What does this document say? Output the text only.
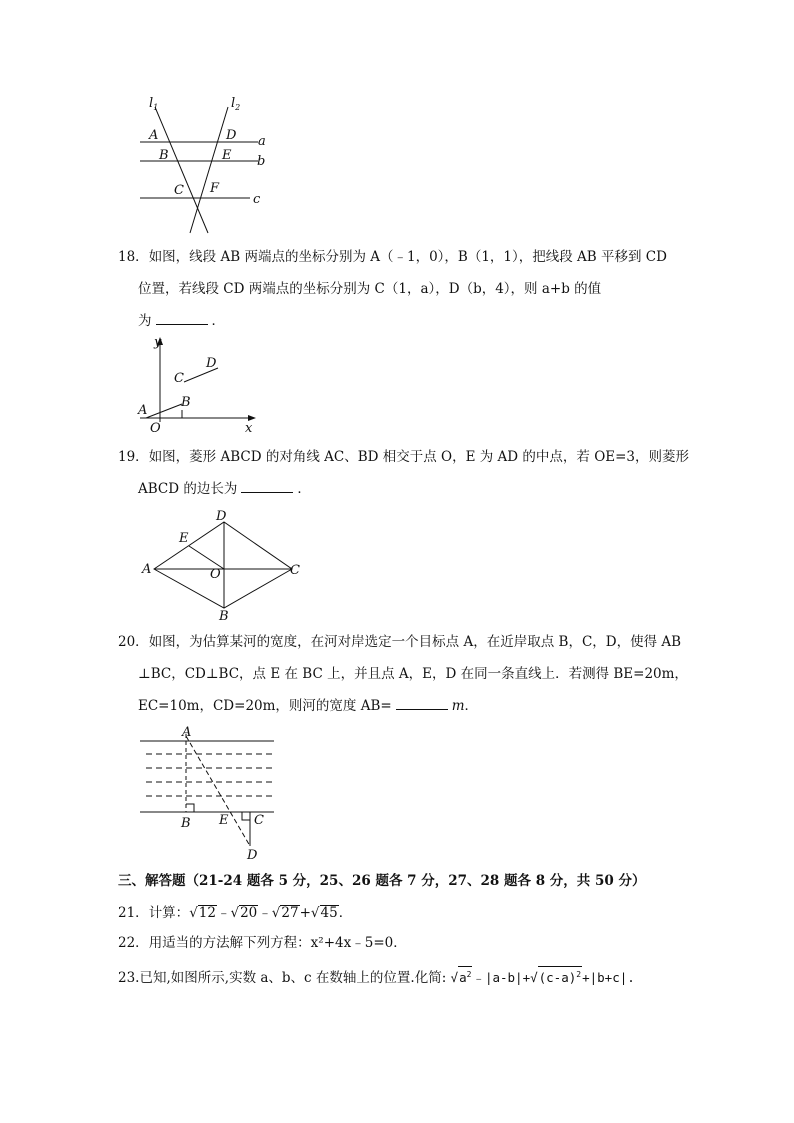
$l_1$	$l_2$
A	D a
B	E b
C F
c
18．如图，线段 AB 两端点的坐标分别为 A（﹣1，0），B（1，1），把线段 AB 平移到 CD
位置，若线段 CD 两端点的坐标分别为 C（1，a），D（b，4），则 a+b 的值
为	．
y
x
O
A
B
C
D
19．如图，菱形 ABCD 的对角线 AC、BD 相交于点 O，E 为 AD 的中点，若 OE=3，则菱形
ABCD 的边长为	．
D
E
A	O	C
B
20．如图，为估算某河的宽度，在河对岸选定一个目标点 A，在近岸取点 B，C，D，使得 AB
⊥BC，CD⊥BC，点 E 在 BC 上，并且点 A，E，D 在同一条直线上．若测得 BE=20m，
EC=10m，CD=20m，则河的宽度 AB=	m．
A
B E C
D
三、解答题（21-24 题各 5 分，25、26 题各 7 分，27、28 题各 8 分，共 50 分）
21．计算：√12﹣√20﹣√27+√45．
22．用适当的方法解下列方程：x²+4x﹣5=0．
23.已知,如图所示,实数 a、b、c 在数轴上的位置.化简: $√a^2﹣|a-b|+√(c-a)^2+|b+c|$.
